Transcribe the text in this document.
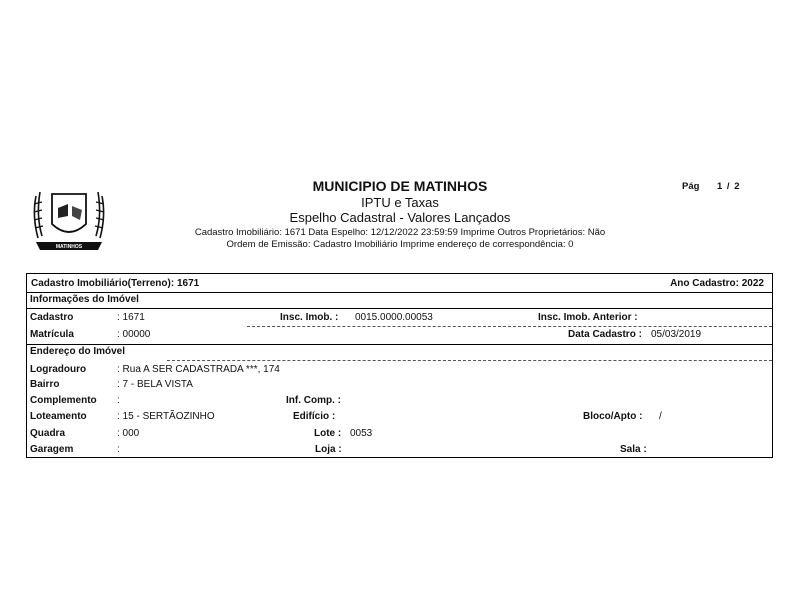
MATINHOS
MUNICIPIO DE MATINHOS
IPTU e Taxas
Espelho Cadastral - Valores Lançados
Cadastro Imobiliário: 1671 Data Espelho: 12/12/2022 23:59:59 Imprime Outros Proprietários: Não
Ordem de Emissão: Cadastro Imobiliário Imprime endereço de correspondência: 0
Pág 1 / 2
Cadastro Imobiliário(Terreno): 1671	Ano Cadastro: 2022
Informações do Imóvel
Cadastro	: 1671	Insc. Imob. : 0015.0000.00053	Insc. Imob. Anterior :
Matrícula	: 00000	Data Cadastro : 05/03/2019
Endereço do Imóvel
Logradouro	: Rua A SER CADASTRADA ***, 174
Bairro	: 7 - BELA VISTA
Complemento :	Inf. Comp. :
Loteamento	: 15 - SERTÃOZINHO	Edifício :	Bloco/Apto : /
Quadra	: 000	Lote : 0053
Garagem	:	Loja :	Sala :
